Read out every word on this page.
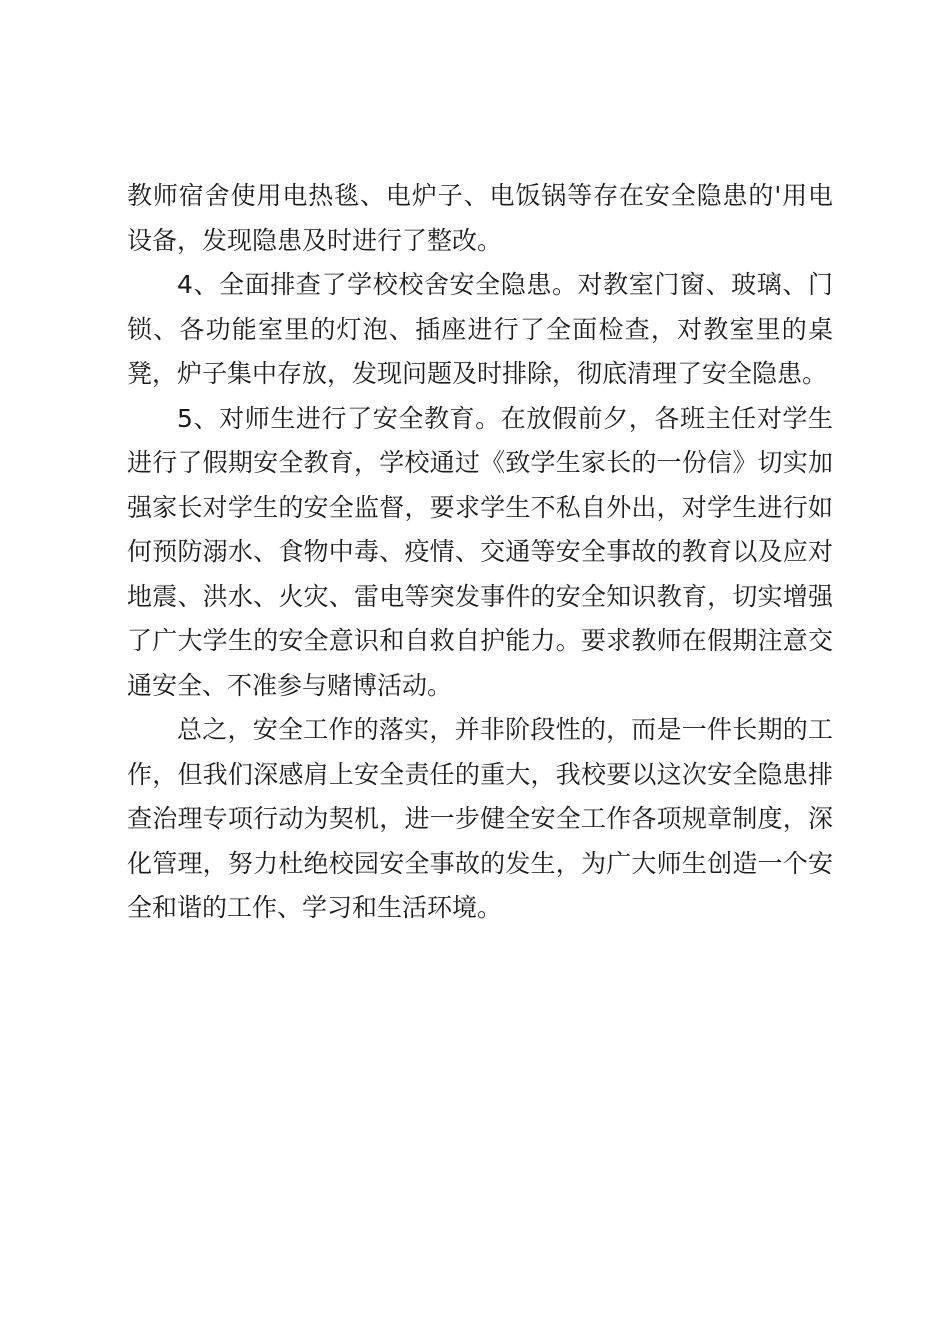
教师宿舍使用电热毯、电炉子、电饭锅等存在安全隐患的'用电设备，发现隐患及时进行了整改。

4、全面排查了学校校舍安全隐患。对教室门窗、玻璃、门锁、各功能室里的灯泡、插座进行了全面检查，对教室里的桌凳，炉子集中存放，发现问题及时排除，彻底清理了安全隐患。

5、对师生进行了安全教育。在放假前夕，各班主任对学生进行了假期安全教育，学校通过《致学生家长的一份信》切实加强家长对学生的安全监督，要求学生不私自外出，对学生进行如何预防溺水、食物中毒、疫情、交通等安全事故的教育以及应对地震、洪水、火灾、雷电等突发事件的安全知识教育，切实增强了广大学生的安全意识和自救自护能力。要求教师在假期注意交通安全、不准参与赌博活动。

总之，安全工作的落实，并非阶段性的，而是一件长期的工作，但我们深感肩上安全责任的重大，我校要以这次安全隐患排查治理专项行动为契机，进一步健全安全工作各项规章制度，深化管理，努力杜绝校园安全事故的发生，为广大师生创造一个安全和谐的工作、学习和生活环境。
